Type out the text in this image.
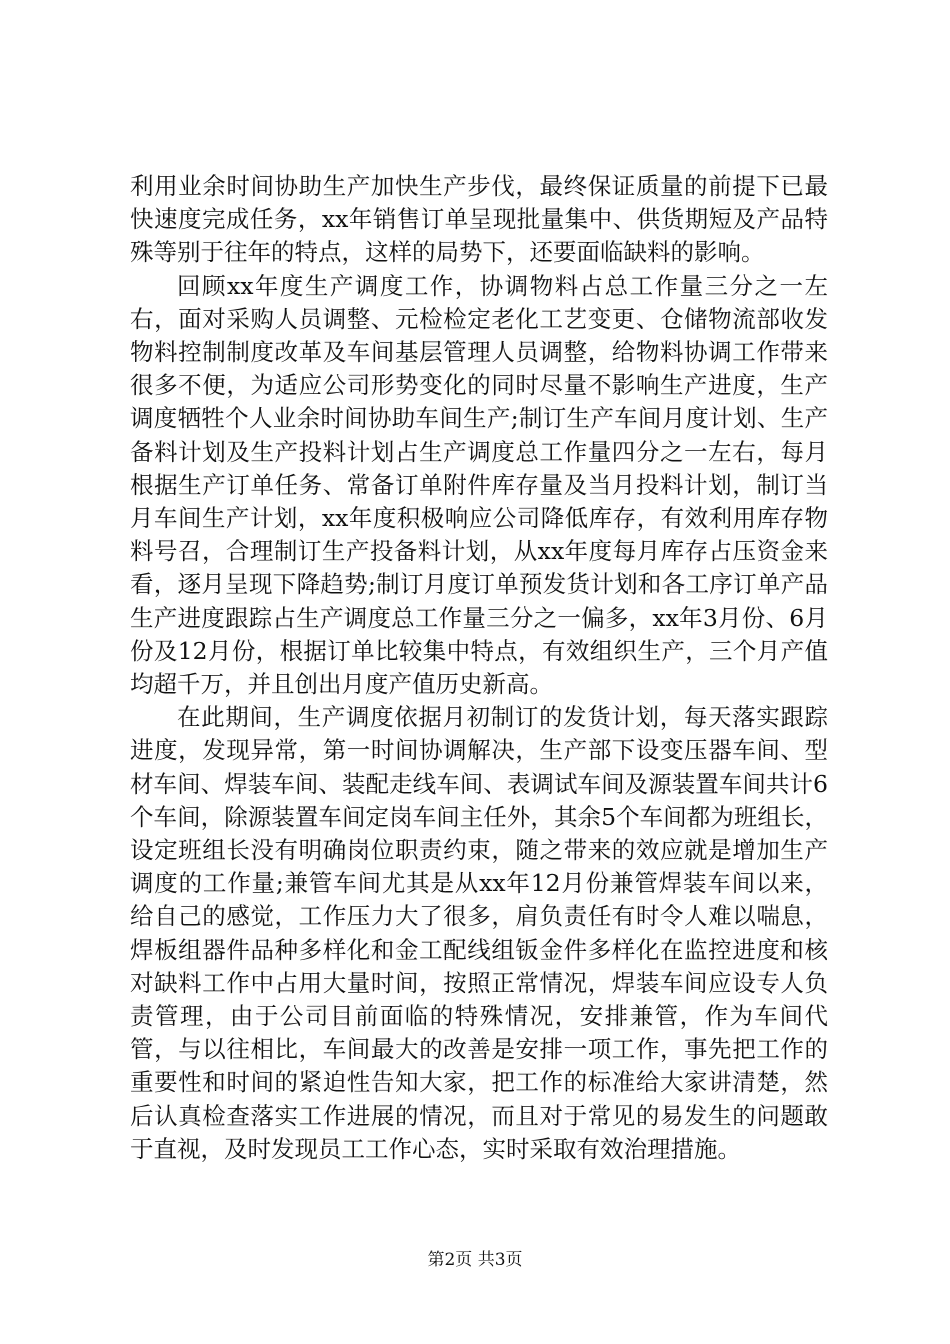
利用业余时间协助生产加快生产步伐，最终保证质量的前提下已最快速度完成任务，xx年销售订单呈现批量集中、供货期短及产品特殊等别于往年的特点，这样的局势下，还要面临缺料的影响。

回顾xx年度生产调度工作，协调物料占总工作量三分之一左右，面对采购人员调整、元检检定老化工艺变更、仓储物流部收发物料控制制度改革及车间基层管理人员调整，给物料协调工作带来很多不便，为适应公司形势变化的同时尽量不影响生产进度，生产调度牺牲个人业余时间协助车间生产;制订生产车间月度计划、生产备料计划及生产投料计划占生产调度总工作量四分之一左右，每月根据生产订单任务、常备订单附件库存量及当月投料计划，制订当月车间生产计划，xx年度积极响应公司降低库存，有效利用库存物料号召，合理制订生产投备料计划，从xx年度每月库存占压资金来看，逐月呈现下降趋势;制订月度订单预发货计划和各工序订单产品生产进度跟踪占生产调度总工作量三分之一偏多，xx年3月份、6月份及12月份，根据订单比较集中特点，有效组织生产，三个月产值均超千万，并且创出月度产值历史新高。

在此期间，生产调度依据月初制订的发货计划，每天落实跟踪进度，发现异常，第一时间协调解决，生产部下设变压器车间、型材车间、焊装车间、装配走线车间、表调试车间及源装置车间共计6个车间，除源装置车间定岗车间主任外，其余5个车间都为班组长，设定班组长没有明确岗位职责约束，随之带来的效应就是增加生产调度的工作量;兼管车间尤其是从xx年12月份兼管焊装车间以来，给自己的感觉，工作压力大了很多，肩负责任有时令人难以喘息，焊板组器件品种多样化和金工配线组钣金件多样化在监控进度和核对缺料工作中占用大量时间，按照正常情况，焊装车间应设专人负责管理，由于公司目前面临的特殊情况，安排兼管，作为车间代管，与以往相比，车间最大的改善是安排一项工作，事先把工作的重要性和时间的紧迫性告知大家，把工作的标准给大家讲清楚，然后认真检查落实工作进展的情况，而且对于常见的易发生的问题敢于直视，及时发现员工工作心态，实时采取有效治理措施。

第2页 共3页
